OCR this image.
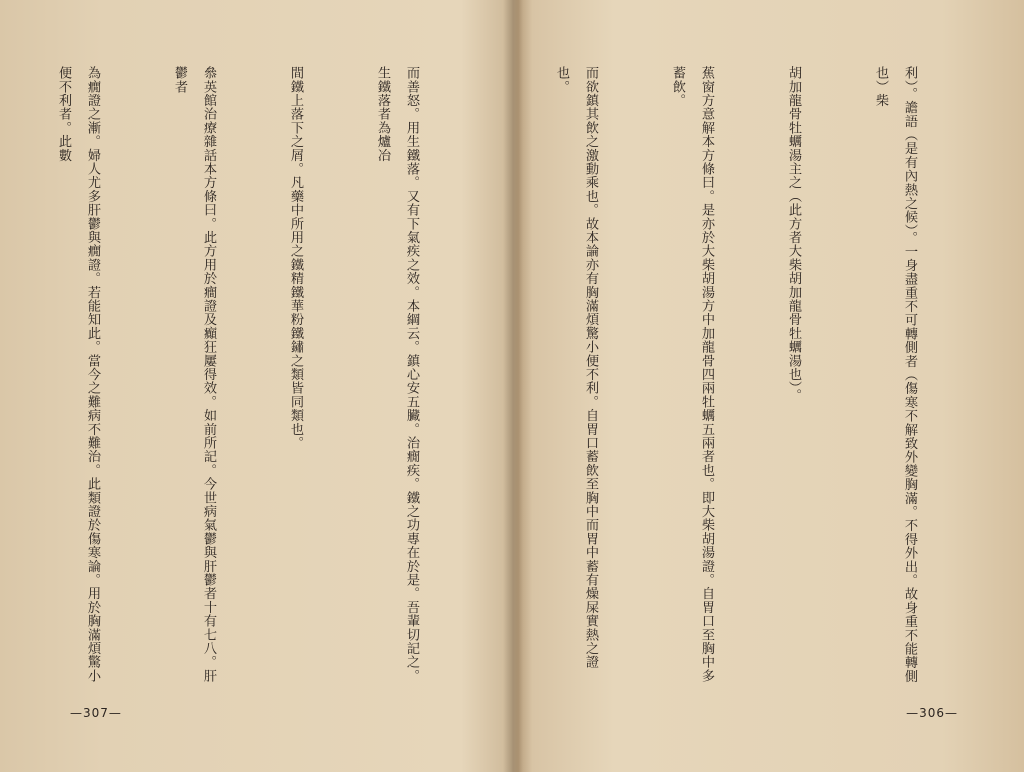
而善怒。用生鐵落。又有下氣疾之效。本綱云。鎮心安五臟。治癇疾。鐵之功專在於是。吾輩切記之。生鐵落者為爐冶

間鐵上落下之屑。凡藥中所用之鐵精鐵華粉鐵鏽之類皆同類也。

叅英館治療雜話本方條曰。此方用於癎證及癲狂屢得效。如前所記。今世病氣鬱與肝鬱者十有七八。肝鬱者

為癇證之漸。婦人尤多肝鬱與癇證。若能知此。當今之難病不難治。此類證於傷寒論。用於胸滿煩驚小便不利者。此數

—307—

利）。譫語（是有內熱之候）。一身盡重不可轉側者（傷寒不解致外變胸滿。不得外出。故身重不能轉側也）柴

胡加龍骨牡蠣湯主之（此方者大柴胡加龍骨牡蠣湯也）。

蕉窗方意解本方條曰。是亦於大柴胡湯方中加龍骨四兩牡蠣五兩者也。即大柴胡湯證。自胃口至胸中多蓄飲。

而欲鎮其飲之激動乘也。故本論亦有胸滿煩驚小便不利。自胃口蓄飲至胸中而胃中蓄有燥屎實熱之證也。

—306—
